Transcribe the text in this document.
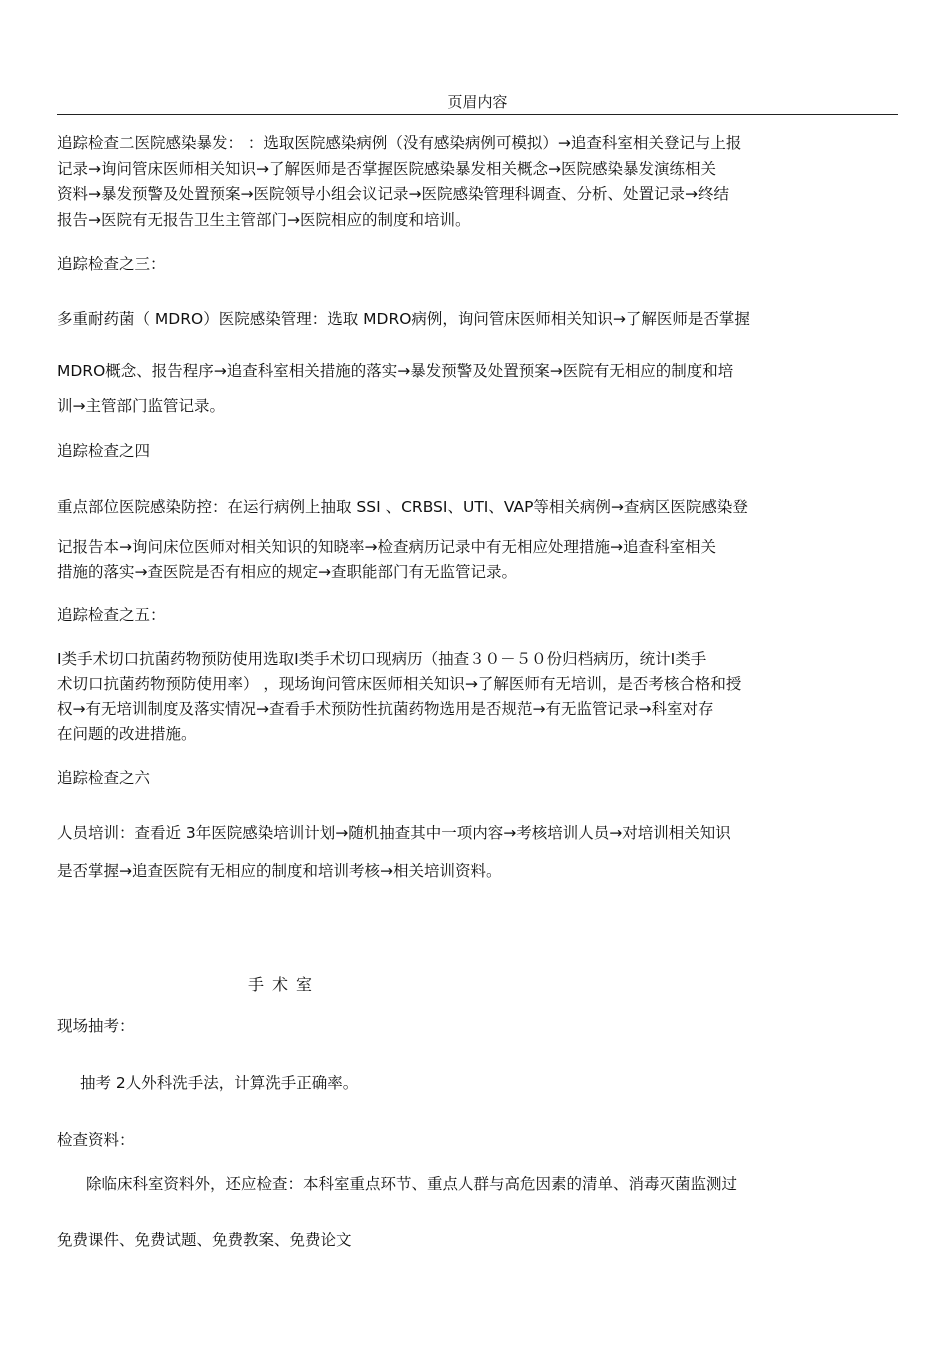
页眉内容
追踪检查二医院感染暴发： ：选取医院感染病例（没有感染病例可模拟）→追查科室相关登记与上报
记录→询问管床医师相关知识→了解医师是否掌握医院感染暴发相关概念→医院感染暴发演练相关
资料→暴发预警及处置预案→医院领导小组会议记录→医院感染管理科调查、分析、处置记录→终结
报告→医院有无报告卫生主管部门→医院相应的制度和培训。
追踪检查之三：
多重耐药菌（ MDRO）医院感染管理：选取 MDRO病例，询问管床医师相关知识→了解医师是否掌握
MDRO概念、报告程序→追查科室相关措施的落实→暴发预警及处置预案→医院有无相应的制度和培
训→主管部门监管记录。
追踪检查之四
重点部位医院感染防控：在运行病例上抽取 SSI 、CRBSI、UTI、VAP等相关病例→查病区医院感染登
记报告本→询问床位医师对相关知识的知晓率→检查病历记录中有无相应处理措施→追查科室相关
措施的落实→查医院是否有相应的规定→查职能部门有无监管记录。
追踪检查之五：
Ⅰ类手术切口抗菌药物预防使用选取Ⅰ类手术切口现病历（抽查３０－５０份归档病历，统计Ⅰ类手
术切口抗菌药物预防使用率） ，现场询问管床医师相关知识→了解医师有无培训，是否考核合格和授
权→有无培训制度及落实情况→查看手术预防性抗菌药物选用是否规范→有无监管记录→科室对存
在问题的改进措施。
追踪检查之六
人员培训：查看近 3年医院感染培训计划→随机抽查其中一项内容→考核培训人员→对培训相关知识
是否掌握→追查医院有无相应的制度和培训考核→相关培训资料。
手术室
现场抽考：
抽考 2人外科洗手法，计算洗手正确率。
检查资料：
除临床科室资料外，还应检查：本科室重点环节、重点人群与高危因素的清单、消毒灭菌监测过
免费课件、免费试题、免费教案、免费论文
